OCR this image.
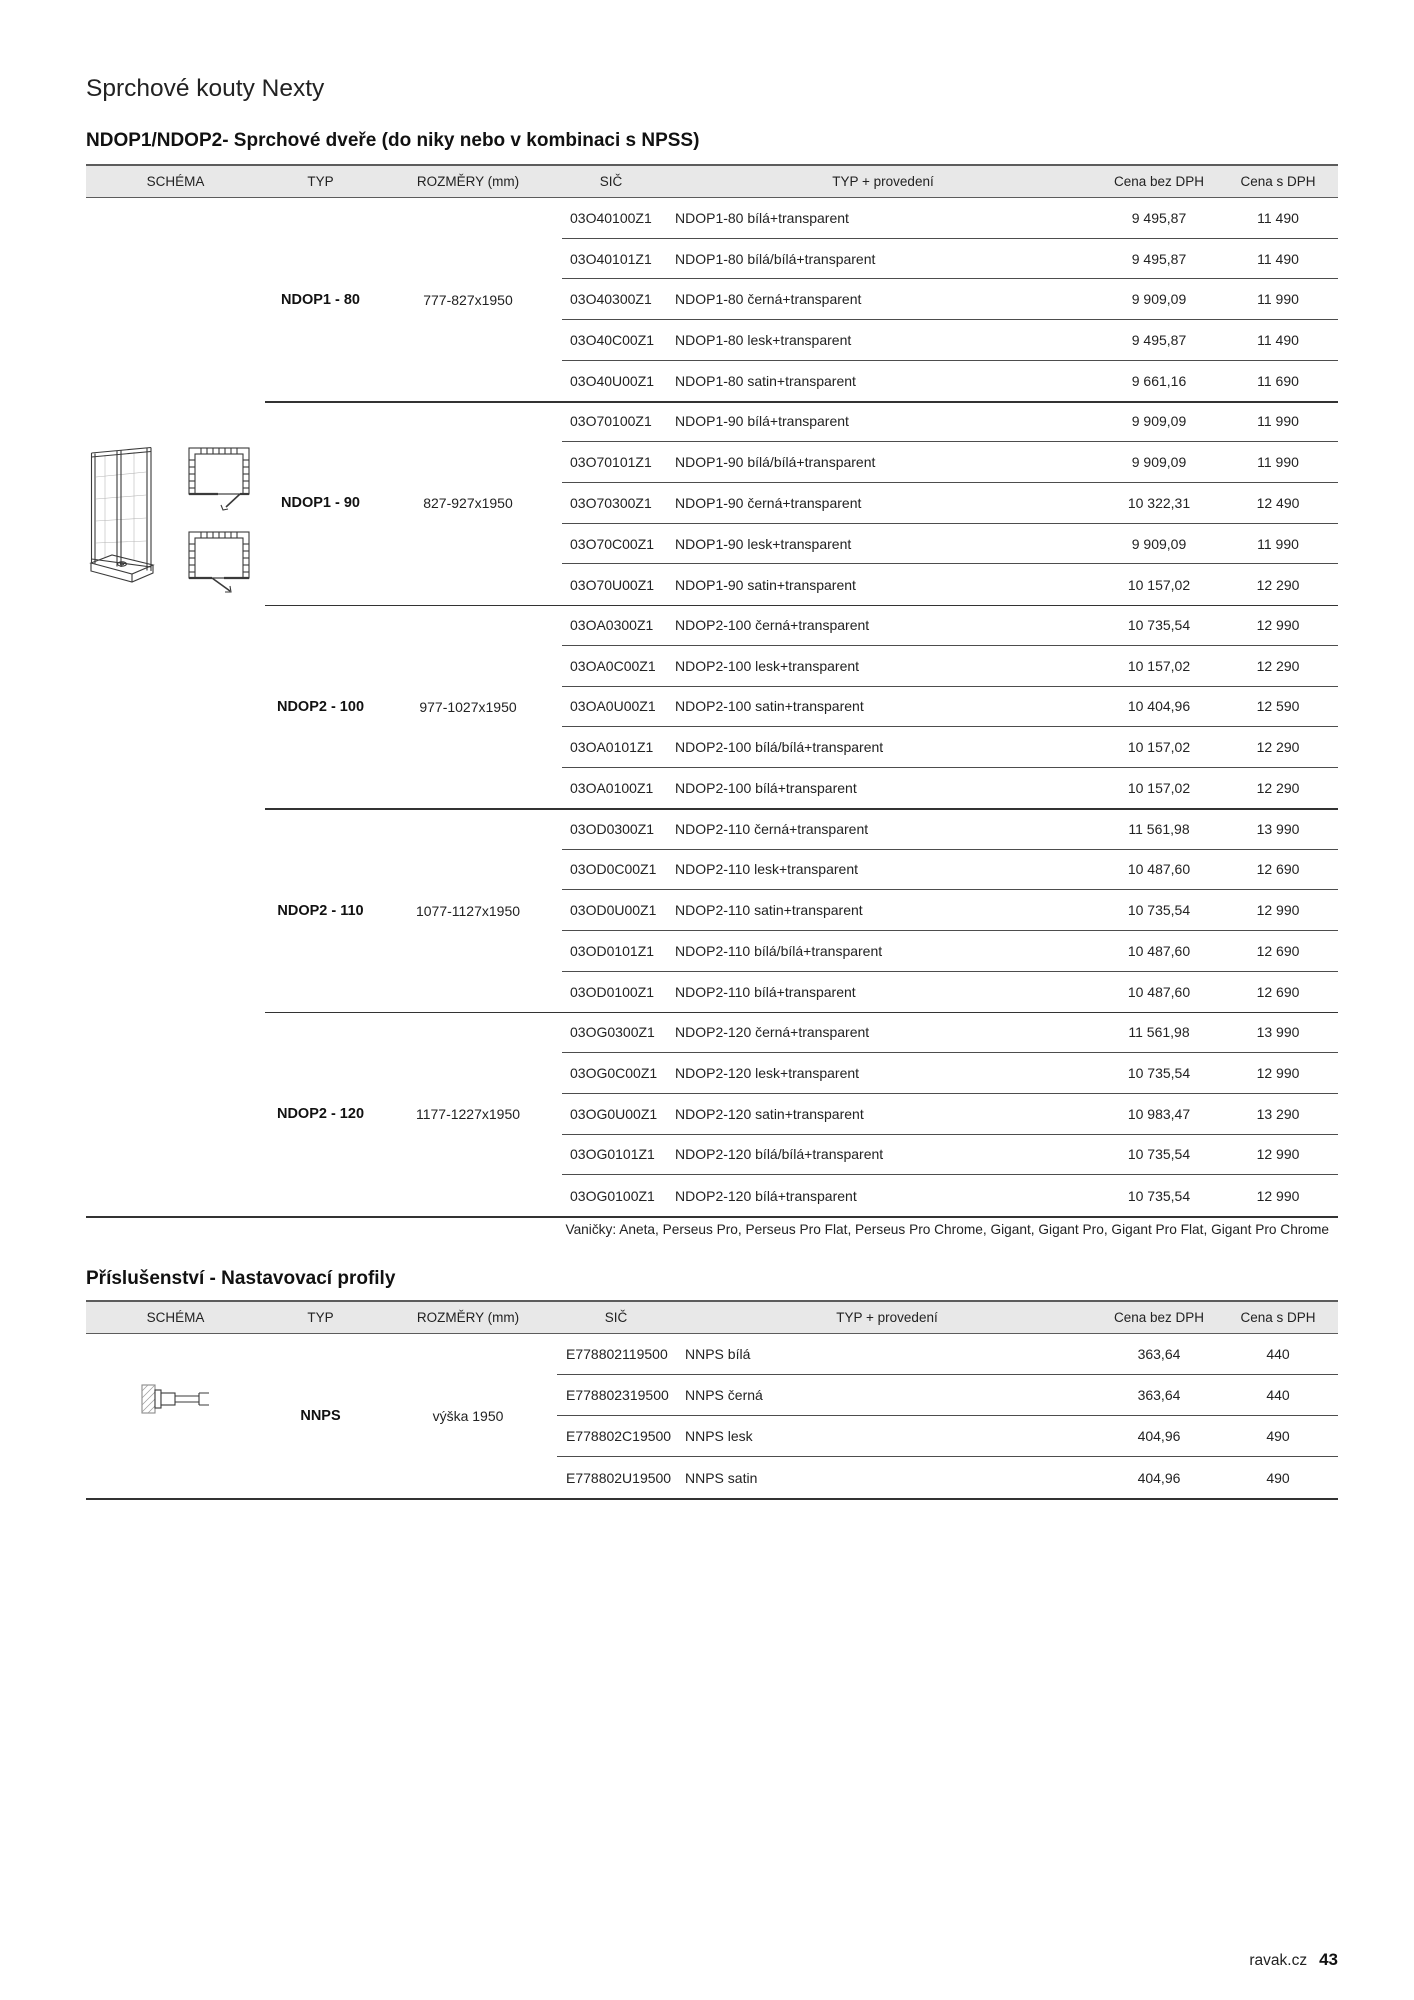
Sprchové kouty Nexty
NDOP1/NDOP2- Sprchové dveře (do niky nebo v kombinaci s NPSS)
SCHÉMA	TYP	ROZMĚRY (mm)	SIČ	TYP + provedení	Cena bez DPH	Cena s DPH
NDOP1 - 80	777-827x1950
03O40100Z1 NDOP1-80 bílá+transparent	9 495,87	11 490
03O40101Z1 NDOP1-80 bílá/bílá+transparent	9 495,87	11 490
03O40300Z1 NDOP1-80 černá+transparent	9 909,09	11 990
03O40C00Z1 NDOP1-80 lesk+transparent	9 495,87	11 490
03O40U00Z1 NDOP1-80 satin+transparent	9 661,16	11 690
NDOP1 - 90	827-927x1950
03O70100Z1 NDOP1-90 bílá+transparent	9 909,09	11 990
03O70101Z1 NDOP1-90 bílá/bílá+transparent	9 909,09	11 990
03O70300Z1 NDOP1-90 černá+transparent	10 322,31	12 490
03O70C00Z1 NDOP1-90 lesk+transparent	9 909,09	11 990
03O70U00Z1 NDOP1-90 satin+transparent	10 157,02	12 290
NDOP2 - 100	977-1027x1950
03OA0300Z1 NDOP2-100 černá+transparent	10 735,54	12 990
03OA0C00Z1 NDOP2-100 lesk+transparent	10 157,02	12 290
03OA0U00Z1 NDOP2-100 satin+transparent	10 404,96	12 590
03OA0101Z1 NDOP2-100 bílá/bílá+transparent	10 157,02	12 290
03OA0100Z1 NDOP2-100 bílá+transparent	10 157,02	12 290
NDOP2 - 110	1077-1127x1950
03OD0300Z1 NDOP2-110 černá+transparent	11 561,98	13 990
03OD0C00Z1 NDOP2-110 lesk+transparent	10 487,60	12 690
03OD0U00Z1 NDOP2-110 satin+transparent	10 735,54	12 990
03OD0101Z1 NDOP2-110 bílá/bílá+transparent	10 487,60	12 690
03OD0100Z1 NDOP2-110 bílá+transparent	10 487,60	12 690
NDOP2 - 120	1177-1227x1950
03OG0300Z1 NDOP2-120 černá+transparent	11 561,98	13 990
03OG0C00Z1 NDOP2-120 lesk+transparent	10 735,54	12 990
03OG0U00Z1 NDOP2-120 satin+transparent	10 983,47	13 290
03OG0101Z1 NDOP2-120 bílá/bílá+transparent	10 735,54	12 990
03OG0100Z1 NDOP2-120 bílá+transparent	10 735,54	12 990
Vaničky: Aneta, Perseus Pro, Perseus Pro Flat, Perseus Pro Chrome, Gigant, Gigant Pro, Gigant Pro Flat, Gigant Pro Chrome
Příslušenství - Nastavovací profily
SCHÉMA	TYP	ROZMĚRY (mm)	SIČ	TYP + provedení	Cena bez DPH	Cena s DPH
NNPS	výška 1950
E778802119500 NNPS bílá	363,64	440
E778802319500 NNPS černá	363,64	440
E778802C19500 NNPS lesk	404,96	490
E778802U19500 NNPS satin	404,96	490
ravak.cz 43
